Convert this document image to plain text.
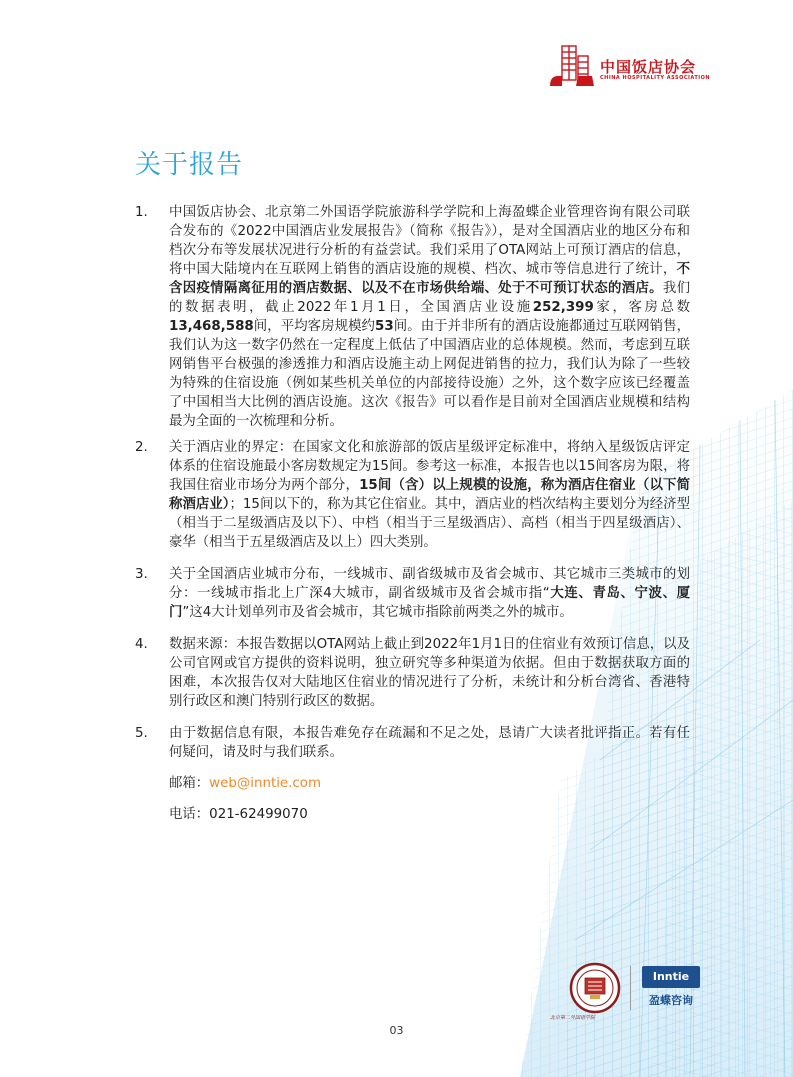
中国饭店协会
CHINA HOSPITALITY ASSOCIATION
关于报告
1. 中国饭店协会、北京第二外国语学院旅游科学学院和上海盈蝶企业管理咨询有限公司联合发布的《2022中国酒店业发展报告》（简称《报告》），是对全国酒店业的地区分布和档次分布等发展状况进行分析的有益尝试。我们采用了OTA网站上可预订酒店的信息，将中国大陆境内在互联网上销售的酒店设施的规模、档次、城市等信息进行了统计，不含因疫情隔离征用的酒店数据、以及不在市场供给端、处于不可预订状态的酒店。我们的数据表明，截止2022年1月1日，全国酒店业设施252,399家，客房总数13,468,588间，平均客房规模约53间。由于并非所有的酒店设施都通过互联网销售，我们认为这一数字仍然在一定程度上低估了中国酒店业的总体规模。然而，考虑到互联网销售平台极强的渗透推力和酒店设施主动上网促进销售的拉力，我们认为除了一些较为特殊的住宿设施（例如某些机关单位的内部接待设施）之外，这个数字应该已经覆盖了中国相当大比例的酒店设施。这次《报告》可以看作是目前对全国酒店业规模和结构最为全面的一次梳理和分析。

2. 关于酒店业的界定：在国家文化和旅游部的饭店星级评定标准中，将纳入星级饭店评定体系的住宿设施最小客房数规定为15间。参考这一标准，本报告也以15间客房为限，将我国住宿业市场分为两个部分，15间（含）以上规模的设施，称为酒店住宿业（以下简称酒店业）；15间以下的，称为其它住宿业。其中，酒店业的档次结构主要划分为经济型（相当于二星级酒店及以下）、中档（相当于三星级酒店）、高档（相当于四星级酒店）、豪华（相当于五星级酒店及以上）四大类别。

3. 关于全国酒店业城市分布，一线城市、副省级城市及省会城市、其它城市三类城市的划分：一线城市指北上广深4大城市，副省级城市及省会城市指“大连、青岛、宁波、厦门”这4大计划单列市及省会城市，其它城市指除前两类之外的城市。

4. 数据来源：本报告数据以OTA网站上截止到2022年1月1日的住宿业有效预订信息，以及公司官网或官方提供的资料说明，独立研究等多种渠道为依据。但由于数据获取方面的困难，本次报告仅对大陆地区住宿业的情况进行了分析，未统计和分析台湾省、香港特别行政区和澳门特别行政区的数据。

5. 由于数据信息有限，本报告难免存在疏漏和不足之处，恳请广大读者批评指正。若有任何疑问，请及时与我们联系。

邮箱：web@inntie.com
电话：021-62499070
北京第二外国语学院
Inntie
盈蝶咨询
03
